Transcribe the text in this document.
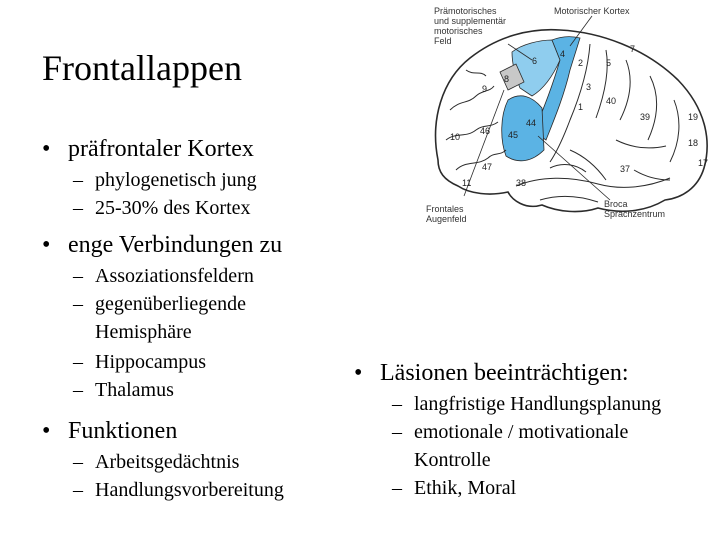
Frontallappen
• präfrontaler Kortex
– phylogenetisch jung
– 25-30% des Kortex
• enge Verbindungen zu
– Assoziationsfeldern
– gegenüberliegende
Hemisphäre
– Hippocampus
– Thalamus
• Funktionen
– Arbeitsgedächtnis
– Handlungsvorbereitung
• Läsionen beeinträchtigen:
– langfristige Handlungsplanung
– emotionale / motivationale
Kontrolle
– Ethik, Moral
4
6
8
9
10
11
44
45
46
47
38
7
39	19
18
17
37
2
3
1
5
40
Prämotorisches
und supplementär
motorisches
Feld
Motorischer Kortex
Frontales
Augenfeld
Broca
Sprachzentrum
